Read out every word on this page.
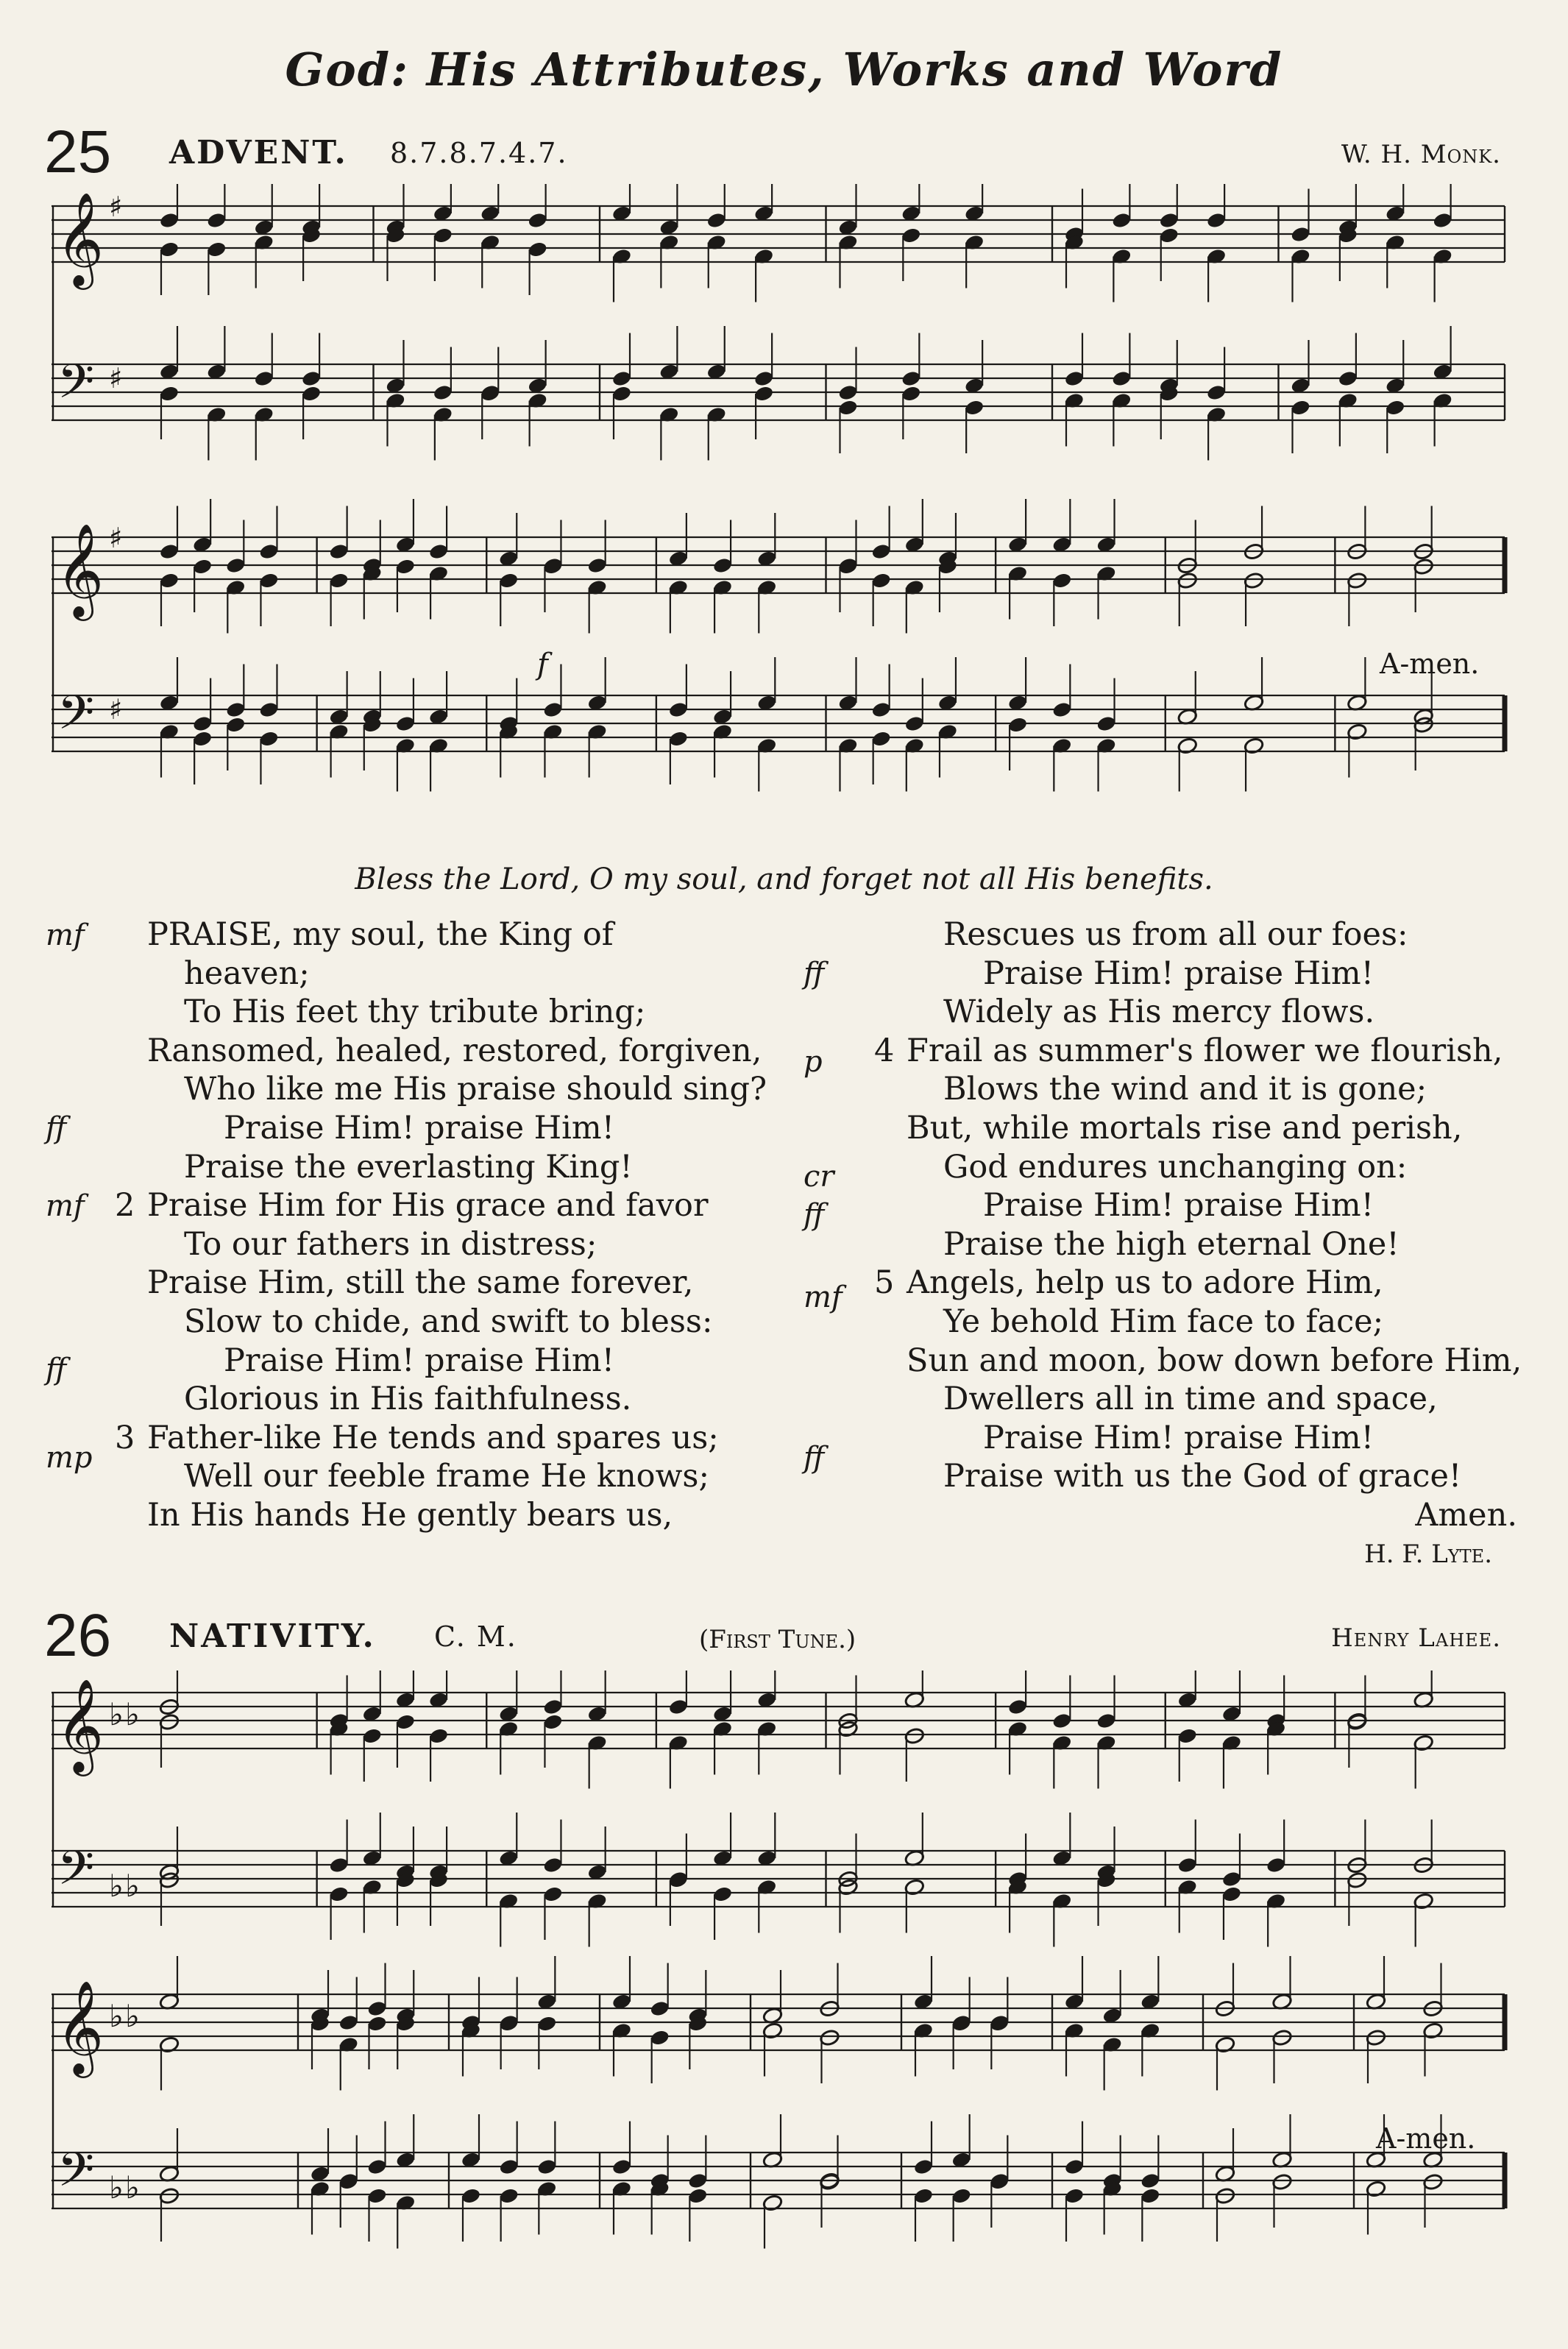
God: His Attributes, Works and Word
25 ADVENT. 8.7.8.7.4.7.	W. H. Monk.
𝄞
𝄢
♯
♯
𝄞
𝄢
♯
♯
f	A-men.
Bless the Lord, O my soul, and forget not all His benefits.
mf
ff
mf
ff
mp
ff
p
cr
ff
mf
ff
PRAISE, my soul, the King of
heaven;
To His feet thy tribute bring;
Ransomed, healed, restored, forgiven,
Who like me His praise should sing?
Praise Him! praise Him!
Praise the everlasting King!
2 Praise Him for His grace and favor
To our fathers in distress;
Praise Him, still the same forever,
Slow to chide, and swift to bless:
Praise Him! praise Him!
Glorious in His faithfulness.
3 Father-like He tends and spares us;
Well our feeble frame He knows;
In His hands He gently bears us,
Rescues us from all our foes:
Praise Him! praise Him!
Widely as His mercy flows.
4 Frail as summer's flower we flourish,
Blows the wind and it is gone;
But, while mortals rise and perish,
God endures unchanging on:
Praise Him! praise Him!
Praise the high eternal One!
5 Angels, help us to adore Him,
Ye behold Him face to face;
Sun and moon, bow down before Him,
Dwellers all in time and space,
Praise Him! praise Him!
Praise with us the God of grace!
Amen.
H. F. Lyte.
26 NATIVITY. C. M.	(First Tune.)	Henry Lahee.
𝄞
𝄢
♭
♭
♭
♭
𝄞
𝄢
♭
♭
♭
♭
A-men.
